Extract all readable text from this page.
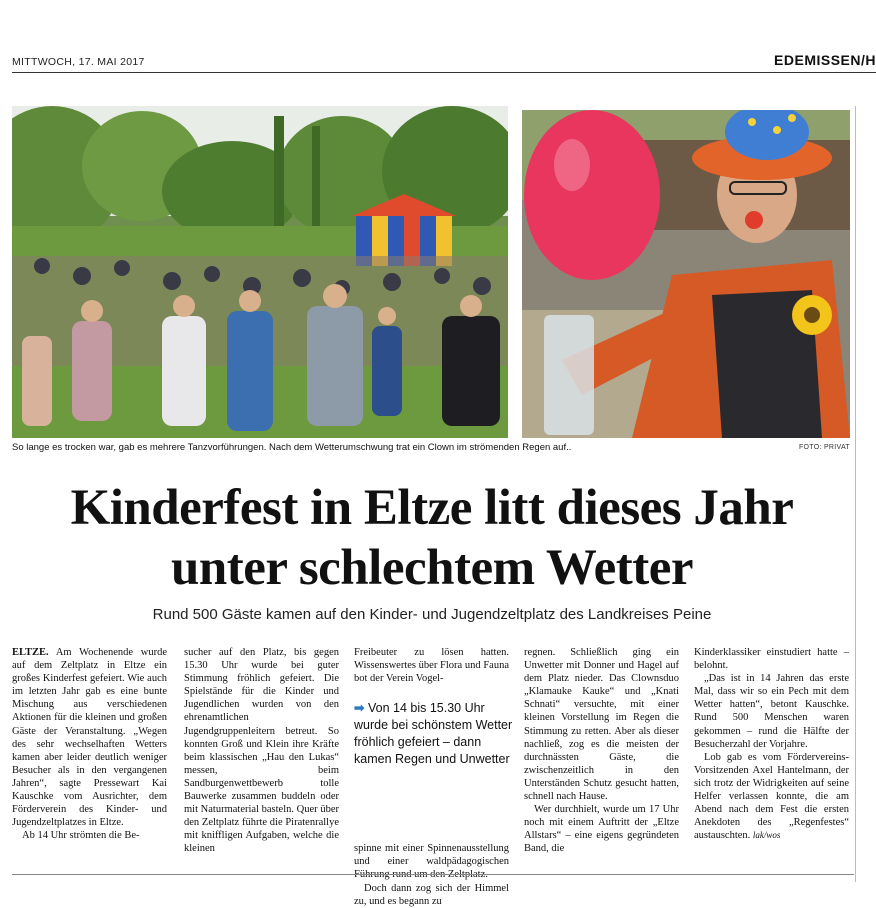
MITTWOCH, 17. MAI 2017	EDEMISSEN/H
So lange es trocken war, gab es mehrere Tanzvorführungen. Nach dem Wetterumschwung trat ein Clown im strömenden Regen auf..	FOTO: PRIVAT
Kinderfest in Eltze litt dieses Jahr
unter schlechtem Wetter
Rund 500 Gäste kamen auf den Kinder- und Jugendzeltplatz des Landkreises Peine

ELTZE. Am Wochenende wurde auf dem Zeltplatz in Eltze ein großes Kinderfest gefeiert. Wie auch im letzten Jahr gab es eine bunte Mischung aus verschiedenen Aktionen für die kleinen und großen Gäste der Veranstaltung. „Wegen des sehr wechselhaften Wetters kamen aber leider deutlich weniger Besucher als in den vergangenen Jahren“, sagte Pressewart Kai Kauschke vom Ausrichter, dem Förderverein des Kinder- und Jugendzeltplatzes in Eltze.

Ab 14 Uhr strömten die Be-

sucher auf den Platz, bis gegen 15.30 Uhr wurde bei guter Stimmung fröhlich gefeiert. Die Spielstände für die Kinder und Jugendlichen wurden von den ehrenamtlichen Jugendgruppenleitern betreut. So konnten Groß und Klein ihre Kräfte beim klassischen „Hau den Lukas“ messen, beim Sandburgenwettbewerb tolle Bauwerke zusammen buddeln oder mit Naturmaterial basteln. Quer über den Zeltplatz führte die Piratenrallye mit kniffligen Aufgaben, welche die kleinen

Freibeuter zu lösen hatten. Wissenswertes über Flora und Fauna bot der Verein Vogel-

spinne mit einer Spinnenausstellung und einer waldpädagogischen Führung rund um den Zeltplatz.

Doch dann zog sich der Himmel zu, und es begann zu

➡ Von 14 bis 15.30 Uhr wurde bei schönstem Wetter fröhlich gefeiert – dann kamen Regen und Unwetter

regnen. Schließlich ging ein Unwetter mit Donner und Hagel auf dem Platz nieder. Das Clownsduo „Klamauke Kauke“ und „Knati Schnati“ versuchte, mit einer kleinen Vorstellung im Regen die Stimmung zu retten. Aber als dieser nachließ, zog es die meisten der durchnässten Gäste, die zwischenzeitlich in den Unterständen Schutz gesucht hatten, schnell nach Hause.

Wer durchhielt, wurde um 17 Uhr noch mit einem Auftritt der „Eltze Allstars“ – eine eigens gegründeten Band, die

Kinderklassiker einstudiert hatte – belohnt.

„Das ist in 14 Jahren das erste Mal, dass wir so ein Pech mit dem Wetter hatten“, betont Kauschke. Rund 500 Menschen waren gekommen – rund die Hälfte der Besucherzahl der Vorjahre.

Lob gab es vom Fördervereins-Vorsitzenden Axel Hantelmann, der sich trotz der Widrigkeiten auf seine Helfer verlassen konnte, die am Abend nach dem Fest die ersten Anekdoten des „Regenfestes“ austauschten. lak/wos
